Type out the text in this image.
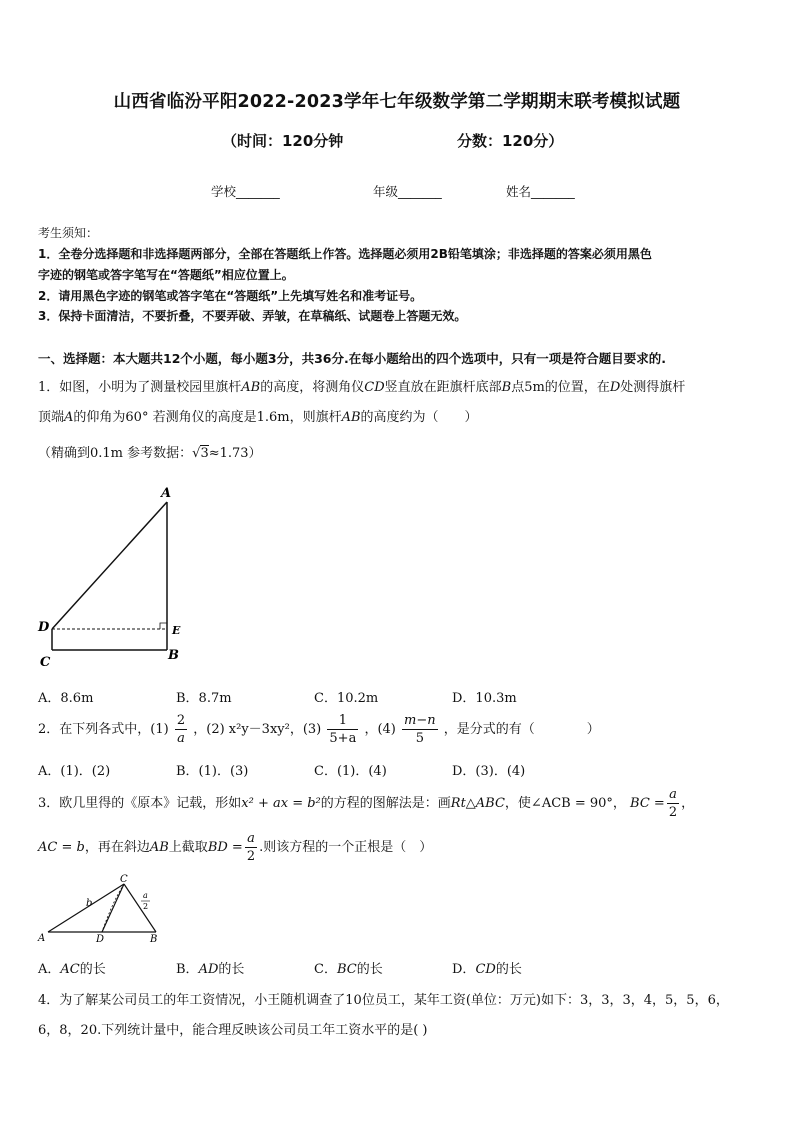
山西省临汾平阳2022-2023学年七年级数学第二学期期末联考模拟试题
（时间：120分钟	分数：120分）
学校_______	年级_______	姓名_______
考生须知：
1．全卷分选择题和非选择题两部分，全部在答题纸上作答。选择题必须用2B铅笔填涂；非选择题的答案必须用黑色
字迹的钢笔或答字笔写在“答题纸”相应位置上。
2．请用黑色字迹的钢笔或答字笔在“答题纸”上先填写姓名和准考证号。
3．保持卡面清洁，不要折叠，不要弄破、弄皱，在草稿纸、试题卷上答题无效。
一、选择题：本大题共12个小题，每小题3分，共36分.在每小题给出的四个选项中，只有一项是符合题目要求的.
1．如图，小明为了测量校园里旗杆AB的高度，将测角仪CD竖直放在距旗杆底部B点5m的位置，在D处测得旗杆
顶端A的仰角为60° 若测角仪的高度是1.6m，则旗杆AB的高度约为（　　）
（精确到0.1m 参考数据：√3≈1.73）
A
D	E
C	B
A．8.6m	B．8.7m	C．10.2m	D．10.3m
2．在下列各式中，$(1) \frac{2}{a}$ ，(2) x²y－3xy²，$(3) \frac{1}{5+a}$ ，$(4) \frac{m-n}{5}$ ，是分式的有（　　　　）
A．(1)．(2)	B．(1)．(3)	C．(1)．(4)	D．(3)．(4)
3．欧几里得的《原本》记载，形如x² + ax = b²的方程的图解法是：画Rt△ABC，使∠ACB = 90°， BC = $\frac{a}{2}$ ，
AC = b，再在斜边AB上截取BD = $\frac{a}{2}$ .则该方程的一个正根是（　）
C
A	D	B
b
a
2
A．AC的长	B．AD的长	C．BC的长	D．CD的长
4．为了解某公司员工的年工资情况，小王随机调查了10位员工，某年工资(单位：万元)如下：3，3，3，4，5，5，6，
6，8，20.下列统计量中，能合理反映该公司员工年工资水平的是( )
